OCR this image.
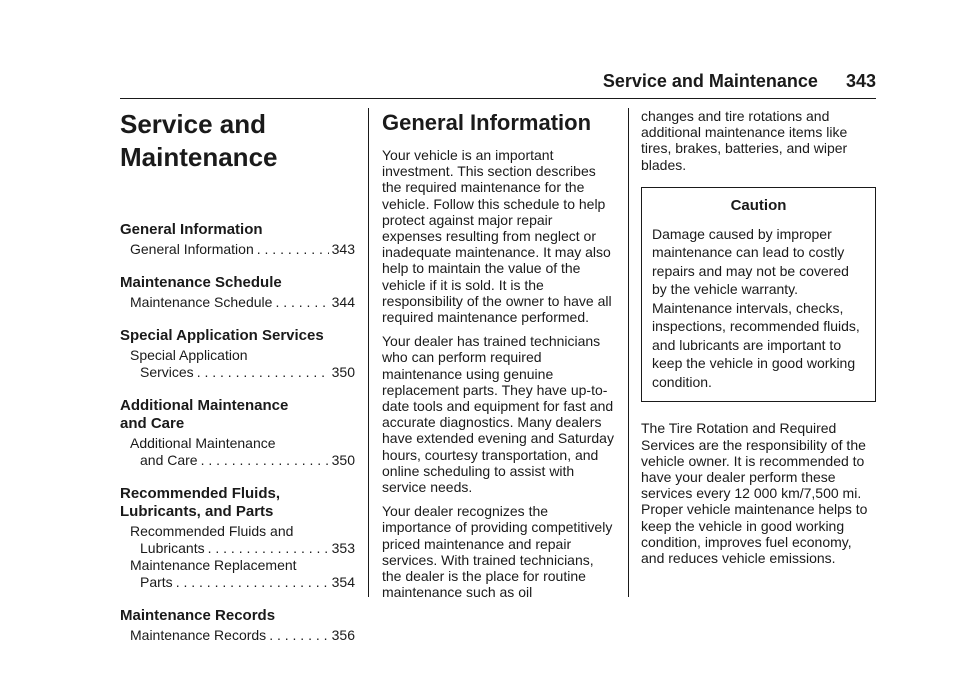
Service and Maintenance 343
Service and
Maintenance
General Information
General Information . . .	343
Maintenance Schedule
Maintenance Schedule . . .	344
Special Application Services
Special Application
Services . . .	350
Additional Maintenance
and Care
Additional Maintenance
and Care . . .	350
Recommended Fluids,
Lubricants, and Parts
Recommended Fluids and
Lubricants . . .	353
Maintenance Replacement
Parts . . .	354
Maintenance Records
Maintenance Records . . .	356
General Information

Your vehicle is an important investment. This section describes the required maintenance for the vehicle. Follow this schedule to help protect against major repair expenses resulting from neglect or inadequate maintenance. It may also help to maintain the value of the vehicle if it is sold. It is the responsibility of the owner to have all required maintenance performed.

Your dealer has trained technicians who can perform required maintenance using genuine replacement parts. They have up-to-date tools and equipment for fast and accurate diagnostics. Many dealers have extended evening and Saturday hours, courtesy transportation, and online scheduling to assist with service needs.

Your dealer recognizes the importance of providing competitively priced maintenance and repair services. With trained technicians, the dealer is the place for routine maintenance such as oil

changes and tire rotations and additional maintenance items like tires, brakes, batteries, and wiper blades.

Caution
Damage caused by improper maintenance can lead to costly repairs and may not be covered by the vehicle warranty. Maintenance intervals, checks, inspections, recommended fluids, and lubricants are important to keep the vehicle in good working condition.

The Tire Rotation and Required Services are the responsibility of the vehicle owner. It is recommended to have your dealer perform these services every 12 000 km/7,500 mi. Proper vehicle maintenance helps to keep the vehicle in good working condition, improves fuel economy, and reduces vehicle emissions.
